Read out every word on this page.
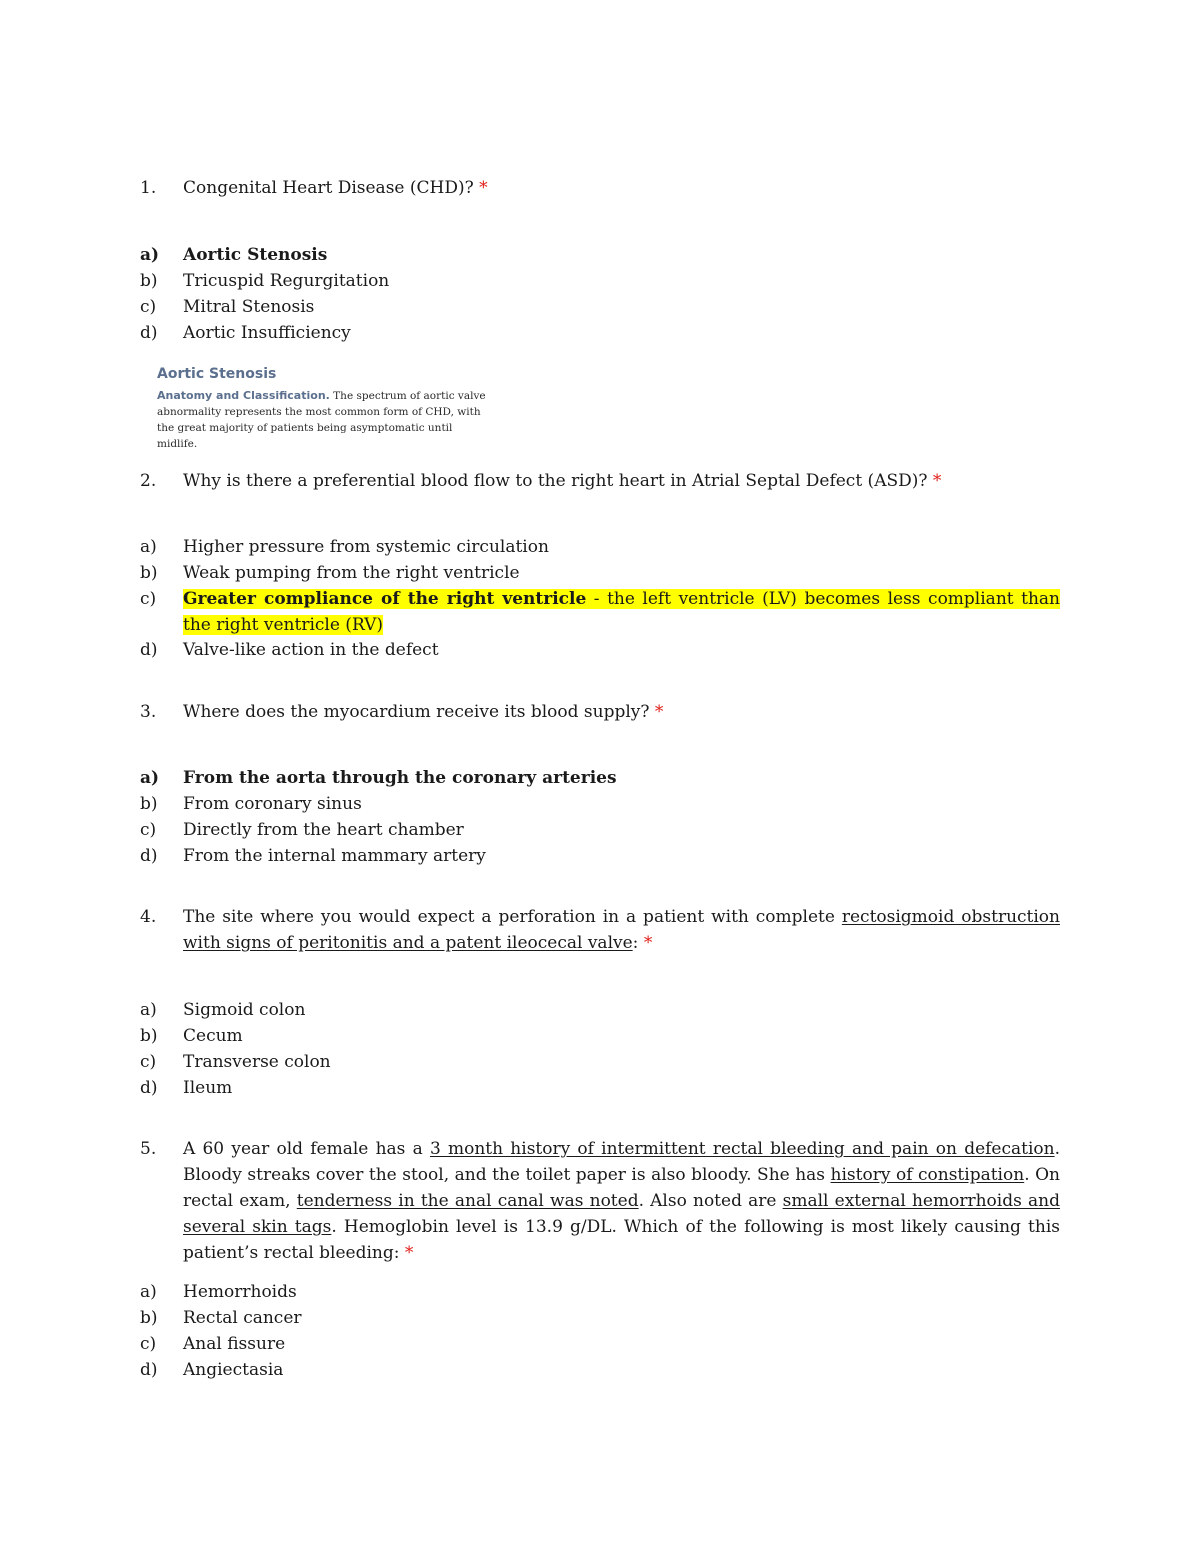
1.	Congenital Heart Disease (CHD)? *
a)	Aortic Stenosis
b)	Tricuspid Regurgitation
c)	Mitral Stenosis
d)	Aortic Insufficiency
Aortic Stenosis
Anatomy and Classification. The spectrum of aortic valve abnormality represents the most common form of CHD, with the great majority of patients being asymptomatic until midlife.
2.	Why is there a preferential blood flow to the right heart in Atrial Septal Defect (ASD)? *
a)	Higher pressure from systemic circulation
b)	Weak pumping from the right ventricle
c)	Greater compliance of the right ventricle - the left ventricle (LV) becomes less compliant than the right ventricle (RV)
d)	Valve-like action in the defect
3.	Where does the myocardium receive its blood supply? *
a)	From the aorta through the coronary arteries
b)	From coronary sinus
c)	Directly from the heart chamber
d)	From the internal mammary artery
4.	The site where you would expect a perforation in a patient with complete rectosigmoid obstruction with signs of peritonitis and a patent ileocecal valve: *
a)	Sigmoid colon
b)	Cecum
c)	Transverse colon
d)	Ileum
5.	A 60 year old female has a 3 month history of intermittent rectal bleeding and pain on defecation. Bloody streaks cover the stool, and the toilet paper is also bloody. She has history of constipation. On rectal exam, tenderness in the anal canal was noted. Also noted are small external hemorrhoids and several skin tags. Hemoglobin level is 13.9 g/DL. Which of the following is most likely causing this patient’s rectal bleeding: *
a)	Hemorrhoids
b)	Rectal cancer
c)	Anal fissure
d)	Angiectasia
